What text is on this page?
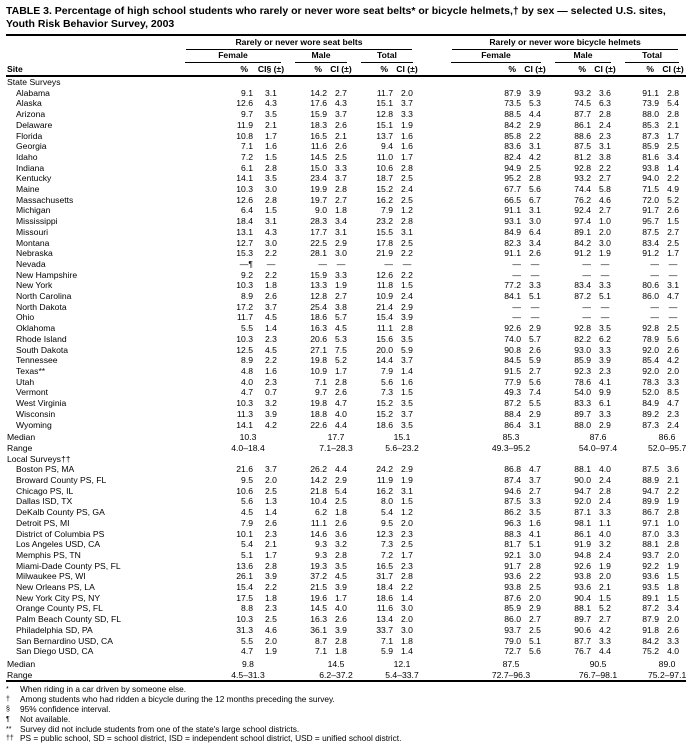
TABLE 3. Percentage of high school students who rarely or never wore seat belts* or bicycle helmets,† by sex — selected U.S. sites, Youth Risk Behavior Survey, 2003
Site	Rarely or never wore seat belts							Rarely or never wore bicycle helmets					

	Female		Male		Total			Female		Male		Total	

	%	CI§ (±)	%	CI (±)	%	CI (±)		%	CI (±)	%	CI (±)	%	CI (±)
State Surveys													
Alabama	9.1	3.1	14.2	2.7	11.7	2.0		87.9	3.9	93.2	3.6	91.1	2.8
Alaska	12.6	4.3	17.6	4.3	15.1	3.7		73.5	5.3	74.5	6.3	73.9	5.4
Arizona	9.7	3.5	15.9	3.7	12.8	3.3		88.5	4.4	87.7	2.8	88.0	2.8
Delaware	11.9	2.1	18.3	2.6	15.1	1.9		84.2	2.9	86.1	2.4	85.3	2.1
Florida	10.8	1.7	16.5	2.1	13.7	1.6		85.8	2.2	88.6	2.3	87.3	1.7
Georgia	7.1	1.6	11.6	2.6	9.4	1.6		83.6	3.1	87.5	3.1	85.9	2.5
Idaho	7.2	1.5	14.5	2.5	11.0	1.7		82.4	4.2	81.2	3.8	81.6	3.4
Indiana	6.1	2.8	15.0	3.3	10.6	2.8		94.9	2.5	92.8	2.2	93.8	1.4
Kentucky	14.1	3.5	23.4	3.7	18.7	2.5		95.2	2.8	93.2	2.7	94.0	2.2
Maine	10.3	3.0	19.9	2.8	15.2	2.4		67.7	5.6	74.4	5.8	71.5	4.9
Massachusetts	12.6	2.8	19.7	2.7	16.2	2.5		66.5	6.7	76.2	4.6	72.0	5.2
Michigan	6.4	1.5	9.0	1.8	7.9	1.2		91.1	3.1	92.4	2.7	91.7	2.6
Mississippi	18.4	3.1	28.3	3.4	23.2	2.8		93.1	3.0	97.4	1.0	95.7	1.5
Missouri	13.1	4.3	17.7	3.1	15.5	3.1		84.9	6.4	89.1	2.0	87.5	2.7
Montana	12.7	3.0	22.5	2.9	17.8	2.5		82.3	3.4	84.2	3.0	83.4	2.5
Nebraska	15.3	2.2	28.1	3.0	21.9	2.2		91.1	2.6	91.2	1.9	91.2	1.7
Nevada	—¶	—	—	—	—	—		—	—	—	—	—	—
New Hampshire	9.2	2.2	15.9	3.3	12.6	2.2		—	—	—	—	—	—
New York	10.3	1.8	13.3	1.9	11.8	1.5		77.2	3.3	83.4	3.3	80.6	3.1
North Carolina	8.9	2.6	12.8	2.7	10.9	2.4		84.1	5.1	87.2	5.1	86.0	4.7
North Dakota	17.2	3.7	25.4	3.8	21.4	2.9		—	—	—	—	—	—
Ohio	11.7	4.5	18.6	5.7	15.4	3.9		—	—	—	—	—	—
Oklahoma	5.5	1.4	16.3	4.5	11.1	2.8		92.6	2.9	92.8	3.5	92.8	2.5
Rhode Island	10.3	2.3	20.6	5.3	15.6	3.5		74.0	5.7	82.2	6.2	78.9	5.6
South Dakota	12.5	4.5	27.1	7.5	20.0	5.9		90.8	2.6	93.0	3.3	92.0	2.6
Tennessee	8.9	2.2	19.8	5.2	14.4	3.7		84.5	5.9	85.9	3.9	85.4	4.2
Texas**	4.8	1.6	10.9	1.7	7.9	1.4		91.5	2.7	92.3	2.3	92.0	2.0
Utah	4.0	2.3	7.1	2.8	5.6	1.6		77.9	5.6	78.6	4.1	78.3	3.3
Vermont	4.7	0.7	9.7	2.6	7.3	1.5		49.3	7.4	54.0	9.9	52.0	8.5
West Virginia	10.3	3.2	19.8	4.7	15.2	3.5		87.2	5.5	83.3	6.1	84.9	4.7
Wisconsin	11.3	3.9	18.8	4.0	15.2	3.7		88.4	2.9	89.7	3.3	89.2	2.3
Wyoming	14.1	4.2	22.6	4.4	18.6	3.5		86.4	3.1	88.0	2.9	87.3	2.4
Median	10.3		17.7		15.1			85.3		87.6		86.6	
Range	4.0–18.4		7.1–28.3		5.6–23.2			49.3–95.2		54.0–97.4		52.0–95.7	
Local Surveys††													
Boston PS, MA	21.6	3.7	26.2	4.4	24.2	2.9		86.8	4.7	88.1	4.0	87.5	3.6
Broward County PS, FL	9.5	2.0	14.2	2.9	11.9	1.9		87.4	3.7	90.0	2.4	88.9	2.1
Chicago PS, IL	10.6	2.5	21.8	5.4	16.2	3.1		94.6	2.7	94.7	2.8	94.7	2.2
Dallas ISD, TX	5.6	1.3	10.4	2.5	8.0	1.5		87.5	3.3	92.0	2.4	89.9	1.9
DeKalb County PS, GA	4.5	1.4	6.2	1.8	5.4	1.2		86.2	3.5	87.1	3.3	86.7	2.8
Detroit PS, MI	7.9	2.6	11.1	2.6	9.5	2.0		96.3	1.6	98.1	1.1	97.1	1.0
District of Columbia PS	10.1	2.3	14.6	3.6	12.3	2.3		88.3	4.1	86.1	4.0	87.0	3.3
Los Angeles USD, CA	5.4	2.1	9.3	3.2	7.3	2.5		81.7	5.1	91.9	3.2	88.1	2.8
Memphis PS, TN	5.1	1.7	9.3	2.8	7.2	1.7		92.1	3.0	94.8	2.4	93.7	2.0
Miami-Dade County PS, FL	13.6	2.8	19.3	3.5	16.5	2.3		91.7	2.8	92.6	1.9	92.2	1.9
Milwaukee PS, WI	26.1	3.9	37.2	4.5	31.7	2.8		93.6	2.2	93.8	2.0	93.6	1.5
New Orleans PS, LA	15.4	2.2	21.5	3.9	18.4	2.2		93.8	2.5	93.6	2.1	93.5	1.8
New York City PS, NY	17.5	1.8	19.6	1.7	18.6	1.4		87.6	2.0	90.4	1.5	89.1	1.5
Orange County PS, FL	8.8	2.3	14.5	4.0	11.6	3.0		85.9	2.9	88.1	5.2	87.2	3.4
Palm Beach County SD, FL	10.3	2.5	16.3	2.6	13.4	2.0		86.0	2.7	89.7	2.7	87.9	2.0
Philadelphia SD, PA	31.3	4.6	36.1	3.9	33.7	3.0		93.7	2.5	90.6	4.2	91.8	2.6
San Bernardino USD, CA	5.5	2.0	8.7	2.8	7.1	1.8		79.0	5.1	87.7	3.3	84.2	3.3
San Diego USD, CA	4.7	1.9	7.1	1.8	5.9	1.4		72.7	5.6	76.7	4.4	75.2	4.0
Median	9.8		14.5		12.1			87.5		90.5		89.0	
Range	4.5–31.3		6.2–37.2		5.4–33.7			72.7–96.3		76.7–98.1		75.2–97.1	
* When riding in a car driven by someone else.
† Among students who had ridden a bicycle during the 12 months preceding the survey.
§ 95% confidence interval.
¶ Not available.
** Survey did not include students from one of the state's large school districts.
†† PS = public school, SD = school district, ISD = independent school district, USD = unified school district.
